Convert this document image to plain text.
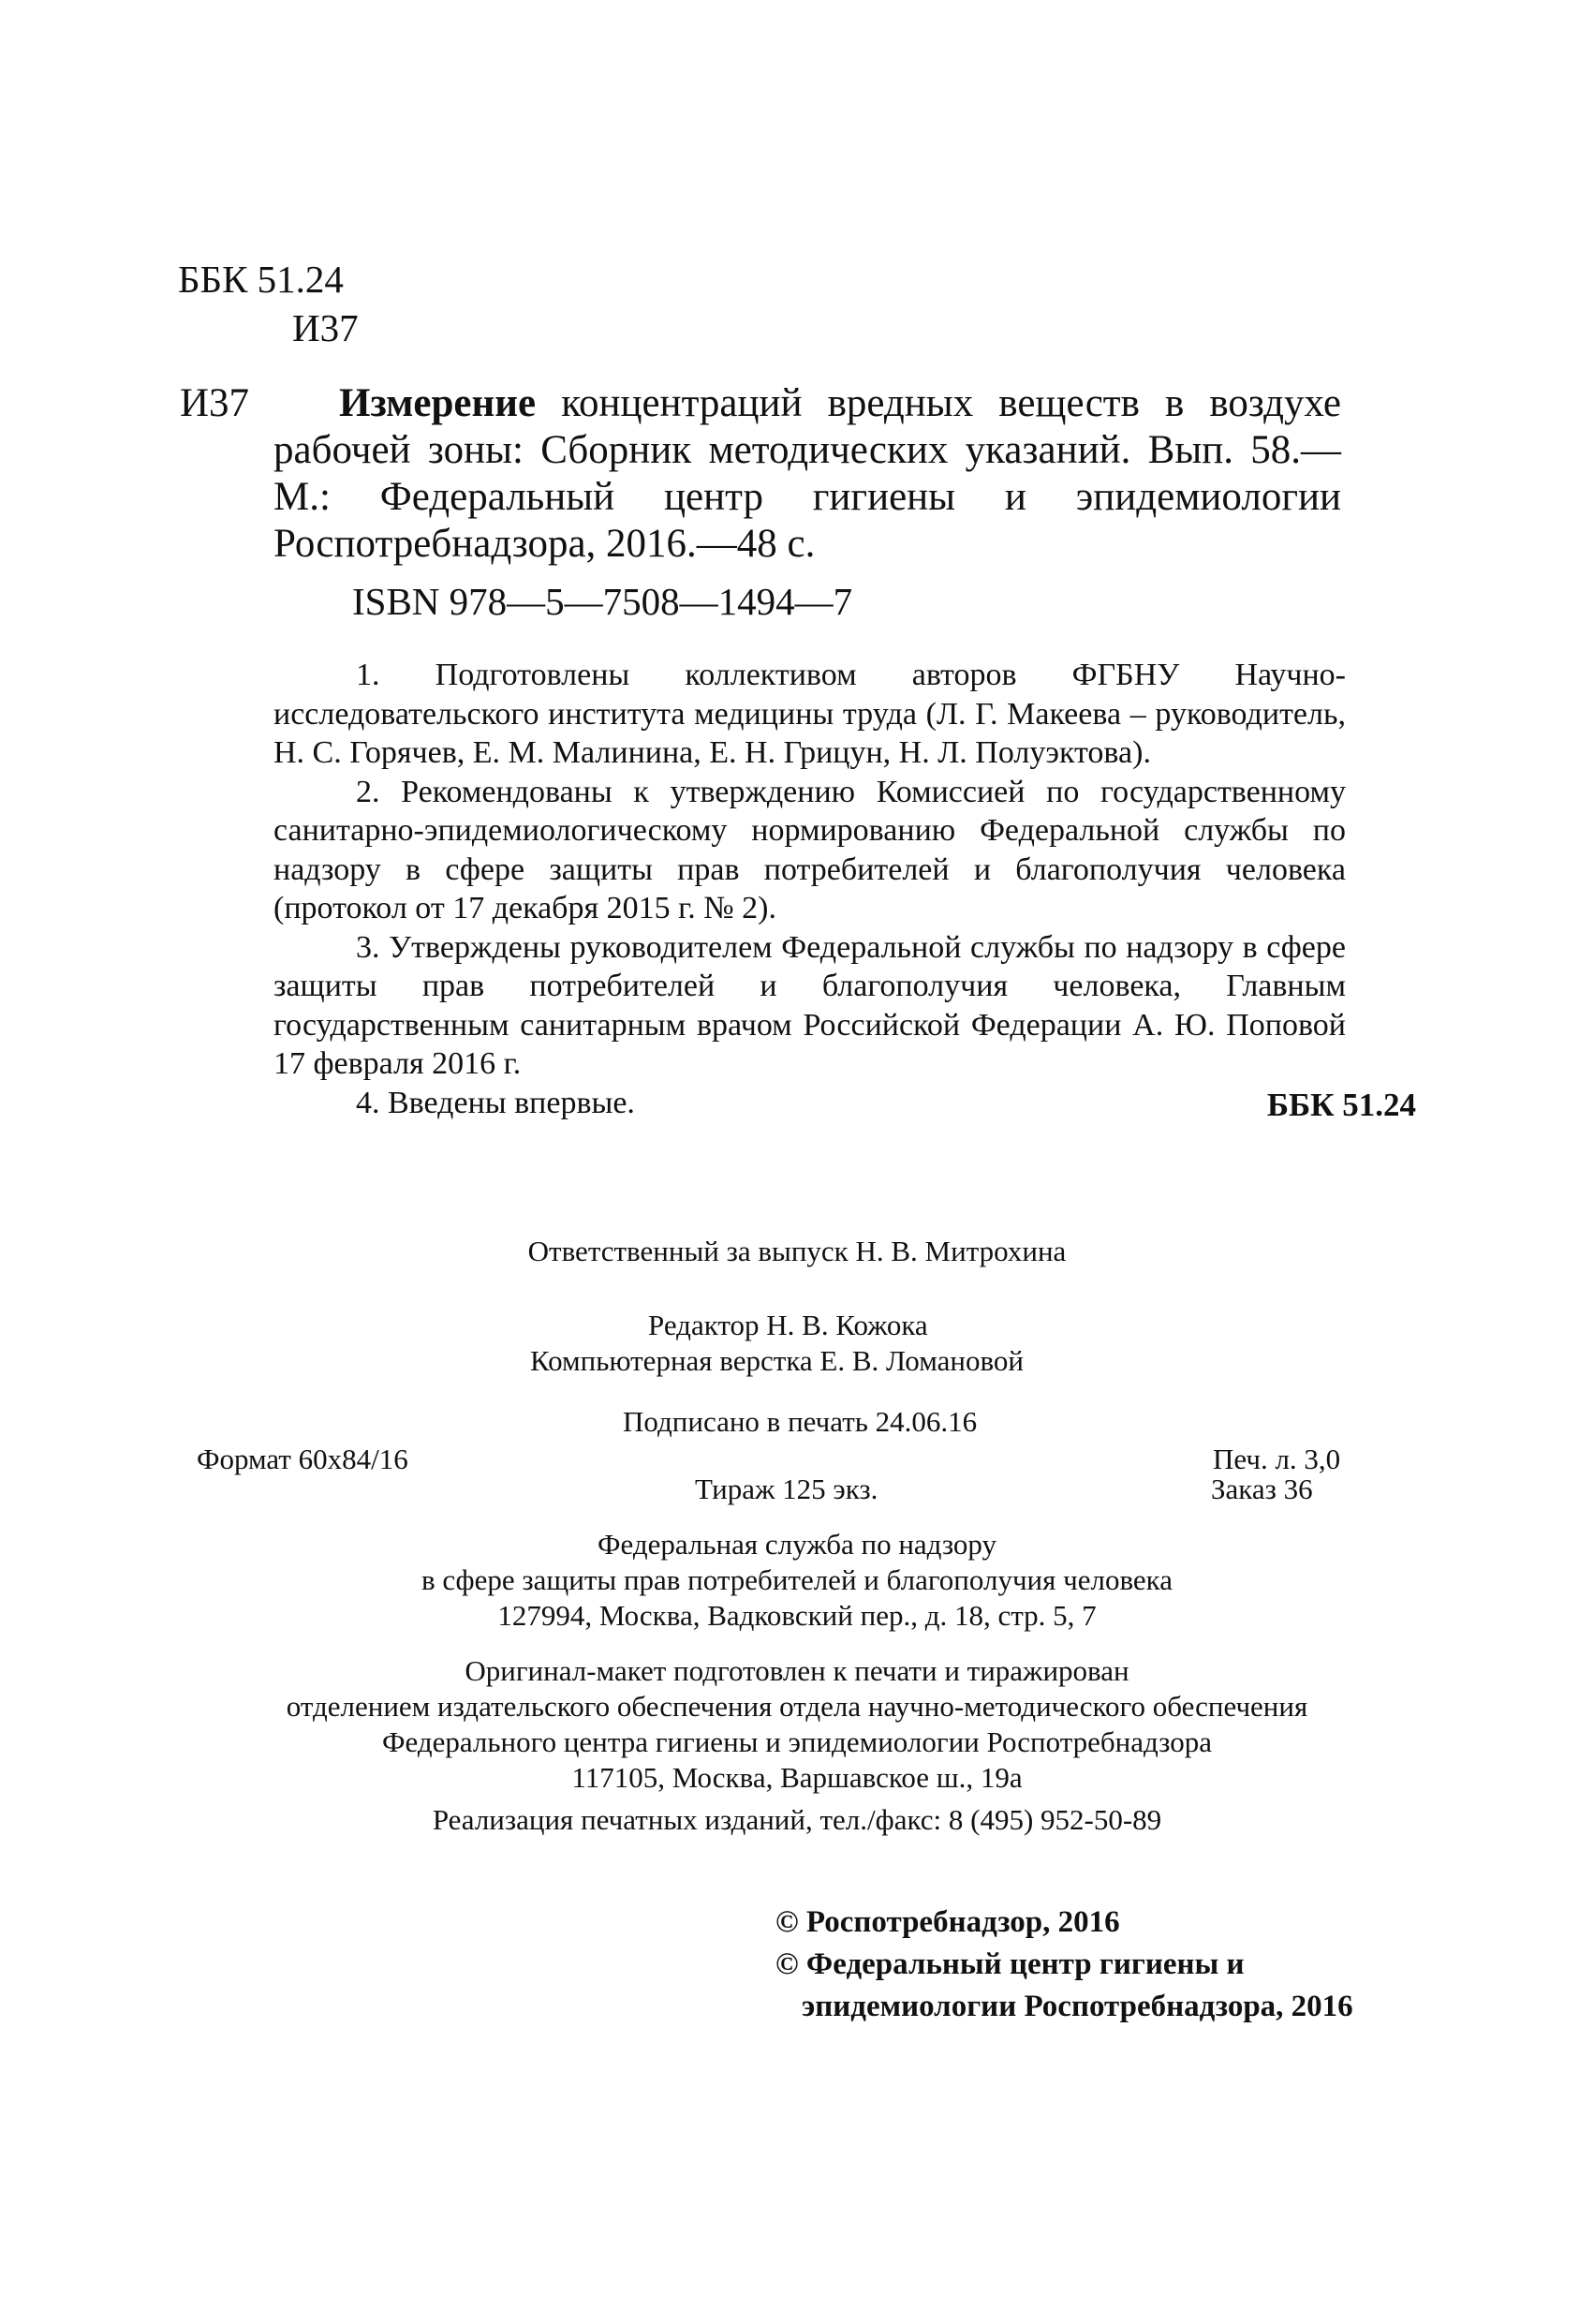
ББК 51.24
И37
И37	Измерение концентраций вредных веществ в воздухе рабочей зоны: Сборник методических указаний. Вып. 58.—М.: Федеральный центр гигиены и эпидемиологии Роспотребнадзора, 2016.—48 с.
ISBN 978—5—7508—1494—7

1. Подготовлены коллективом авторов ФГБНУ Научно-исследовательского института медицины труда (Л. Г. Макеева – руководитель, Н. С. Горячев, Е. М. Малинина, Е. Н. Грицун, Н. Л. Полуэктова).

2. Рекомендованы к утверждению Комиссией по государственному санитарно-эпидемиологическому нормированию Федеральной службы по надзору в сфере защиты прав потребителей и благополучия человека (протокол от 17 декабря 2015 г. № 2).

3. Утверждены руководителем Федеральной службы по надзору в сфере защиты прав потребителей и благополучия человека, Главным государственным санитарным врачом Российской Федерации А. Ю. Поповой 17 февраля 2016 г.

4. Введены впервые.	ББК 51.24
Ответственный за выпуск Н. В. Митрохина
Редактор Н. В. Кожока
Компьютерная верстка Е. В. Ломановой
Подписано в печать 24.06.16
Формат 60x84/16	Печ. л. 3,0
Тираж 125 экз.	Заказ 36
Федеральная служба по надзору
в сфере защиты прав потребителей и благополучия человека
127994, Москва, Вадковский пер., д. 18, стр. 5, 7
Оригинал-макет подготовлен к печати и тиражирован
отделением издательского обеспечения отдела научно-методического обеспечения
Федерального центра гигиены и эпидемиологии Роспотребнадзора
117105, Москва, Варшавское ш., 19а
Реализация печатных изданий, тел./факс: 8 (495) 952-50-89
© Роспотребнадзор, 2016
© Федеральный центр гигиены и
эпидемиологии Роспотребнадзора, 2016
